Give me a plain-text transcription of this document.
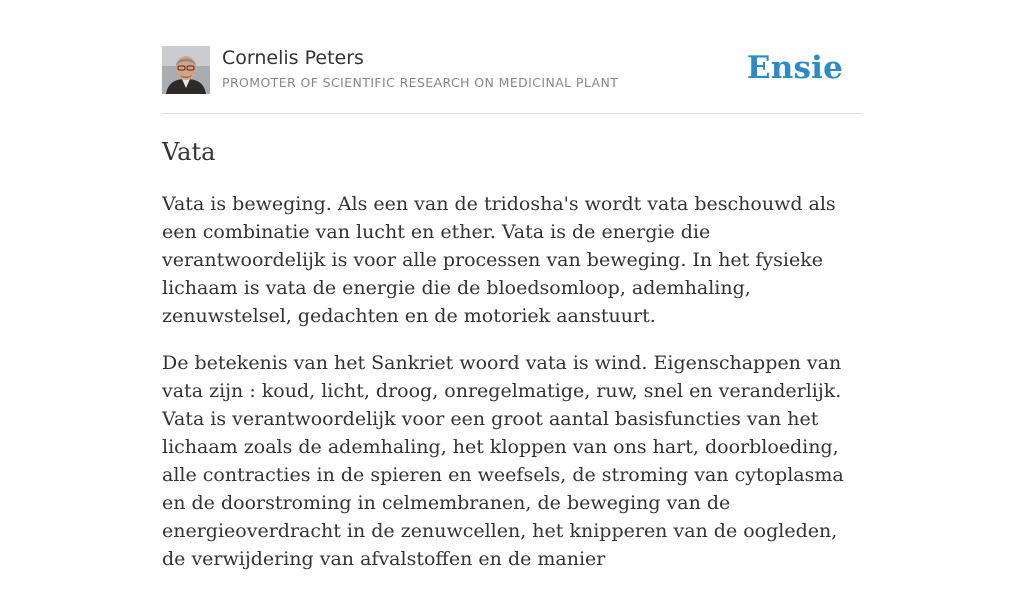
Cornelis Peters
PROMOTER OF SCIENTIFIC RESEARCH ON MEDICINAL PLANT	Ensie
Vata

Vata is beweging. Als een van de tridosha's wordt vata beschouwd als een combinatie van lucht en ether. Vata is de energie die verantwoordelijk is voor alle processen van beweging. In het fysieke lichaam is vata de energie die de bloedsomloop, ademhaling, zenuwstelsel, gedachten en de motoriek aanstuurt.

De betekenis van het Sankriet woord vata is wind. Eigenschappen van vata zijn : koud, licht, droog, onregelmatige, ruw, snel en veranderlijk. Vata is verantwoordelijk voor een groot aantal basisfuncties van het lichaam zoals de ademhaling, het kloppen van ons hart, doorbloeding, alle contracties in de spieren en weefsels, de stroming van cytoplasma en de doorstroming in celmembranen, de beweging van de energieoverdracht in de zenuwcellen, het knipperen van de oogleden, de verwijdering van afvalstoffen en de manier
